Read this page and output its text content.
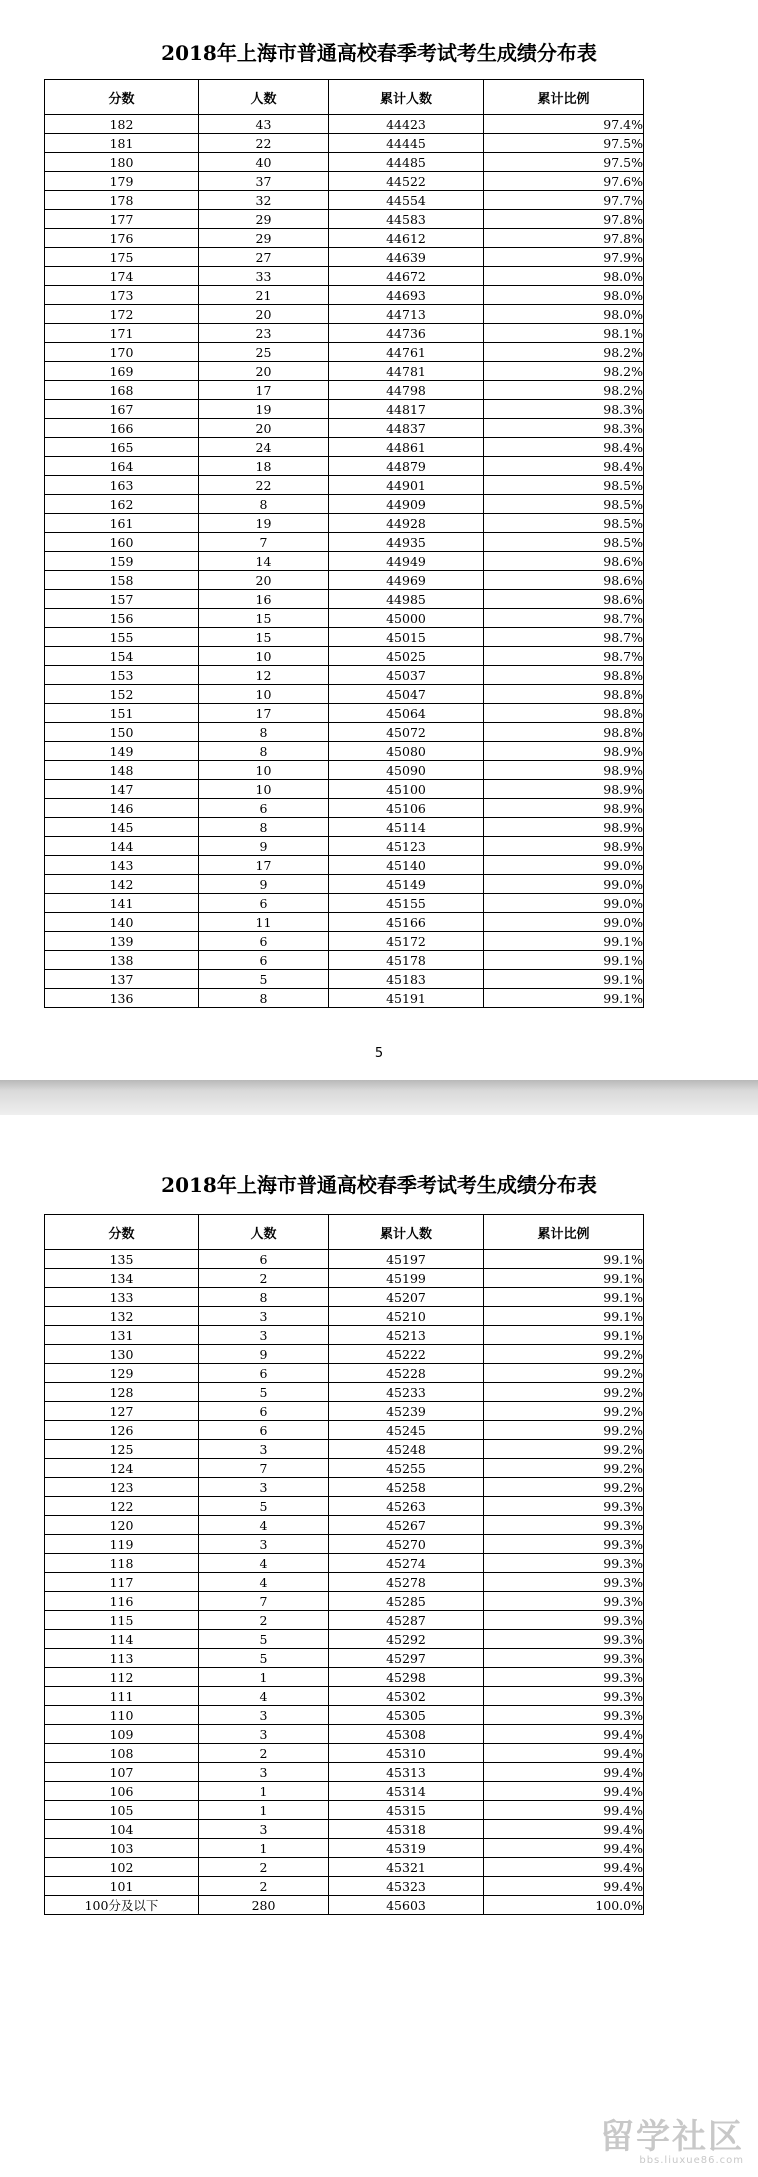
2018年上海市普通高校春季考试考生成绩分布表
分数	人数	累计人数	累计比例
182	43	44423	97.4%
181	22	44445	97.5%
180	40	44485	97.5%
179	37	44522	97.6%
178	32	44554	97.7%
177	29	44583	97.8%
176	29	44612	97.8%
175	27	44639	97.9%
174	33	44672	98.0%
173	21	44693	98.0%
172	20	44713	98.0%
171	23	44736	98.1%
170	25	44761	98.2%
169	20	44781	98.2%
168	17	44798	98.2%
167	19	44817	98.3%
166	20	44837	98.3%
165	24	44861	98.4%
164	18	44879	98.4%
163	22	44901	98.5%
162	8	44909	98.5%
161	19	44928	98.5%
160	7	44935	98.5%
159	14	44949	98.6%
158	20	44969	98.6%
157	16	44985	98.6%
156	15	45000	98.7%
155	15	45015	98.7%
154	10	45025	98.7%
153	12	45037	98.8%
152	10	45047	98.8%
151	17	45064	98.8%
150	8	45072	98.8%
149	8	45080	98.9%
148	10	45090	98.9%
147	10	45100	98.9%
146	6	45106	98.9%
145	8	45114	98.9%
144	9	45123	98.9%
143	17	45140	99.0%
142	9	45149	99.0%
141	6	45155	99.0%
140	11	45166	99.0%
139	6	45172	99.1%
138	6	45178	99.1%
137	5	45183	99.1%
136	8	45191	99.1%
5
2018年上海市普通高校春季考试考生成绩分布表
分数	人数	累计人数	累计比例
135	6	45197	99.1%
134	2	45199	99.1%
133	8	45207	99.1%
132	3	45210	99.1%
131	3	45213	99.1%
130	9	45222	99.2%
129	6	45228	99.2%
128	5	45233	99.2%
127	6	45239	99.2%
126	6	45245	99.2%
125	3	45248	99.2%
124	7	45255	99.2%
123	3	45258	99.2%
122	5	45263	99.3%
120	4	45267	99.3%
119	3	45270	99.3%
118	4	45274	99.3%
117	4	45278	99.3%
116	7	45285	99.3%
115	2	45287	99.3%
114	5	45292	99.3%
113	5	45297	99.3%
112	1	45298	99.3%
111	4	45302	99.3%
110	3	45305	99.3%
109	3	45308	99.4%
108	2	45310	99.4%
107	3	45313	99.4%
106	1	45314	99.4%
105	1	45315	99.4%
104	3	45318	99.4%
103	1	45319	99.4%
102	2	45321	99.4%
101	2	45323	99.4%
100分及以下	280	45603	100.0%
留学社区
bbs.liuxue86.com
